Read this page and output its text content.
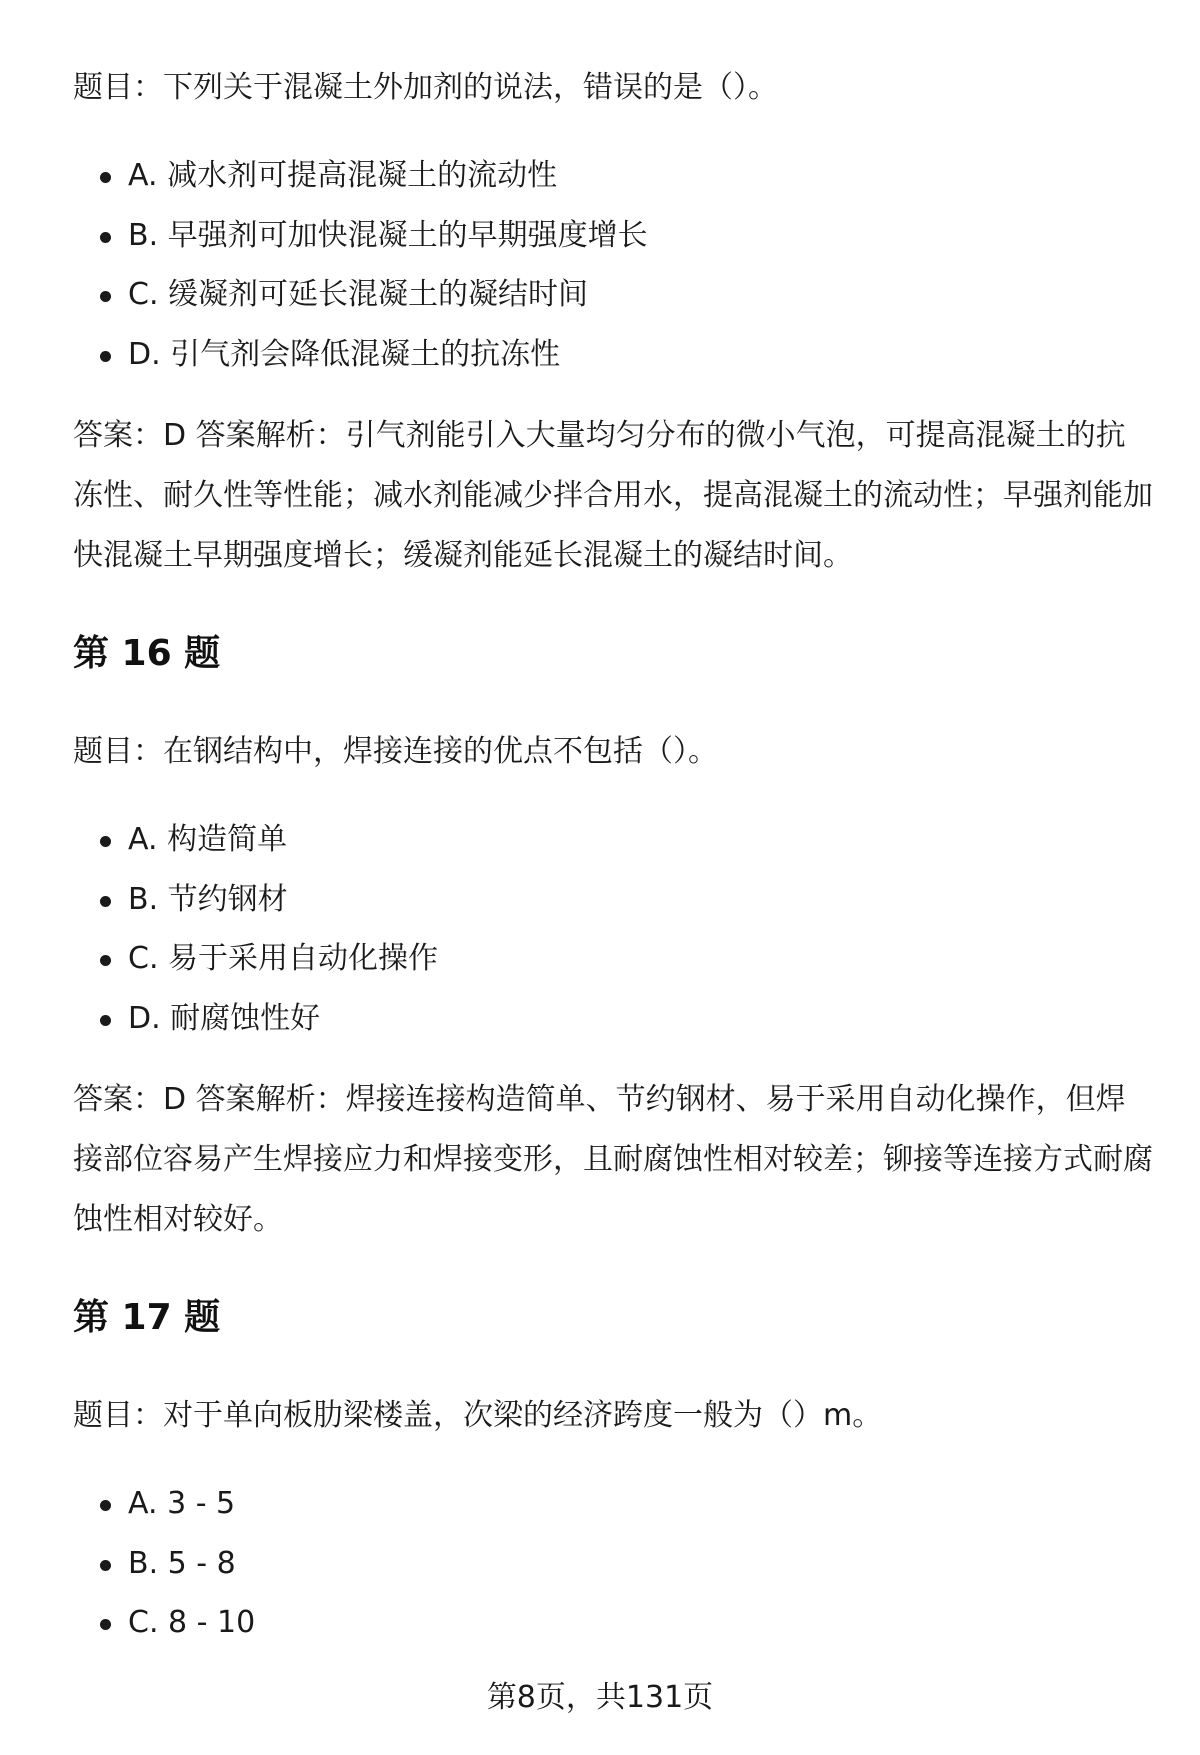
题目：下列关于混凝土外加剂的说法，错误的是（）。

A. 减水剂可提高混凝土的流动性
B. 早强剂可加快混凝土的早期强度增长
C. 缓凝剂可延长混凝土的凝结时间
D. 引气剂会降低混凝土的抗冻性

答案：D 答案解析：引气剂能引入大量均匀分布的微小气泡，可提高混凝土的抗冻性、耐久性等性能；减水剂能减少拌合用水，提高混凝土的流动性；早强剂能加快混凝土早期强度增长；缓凝剂能延长混凝土的凝结时间。

第 16 题

题目：在钢结构中，焊接连接的优点不包括（）。

A. 构造简单
B. 节约钢材
C. 易于采用自动化操作
D. 耐腐蚀性好

答案：D 答案解析：焊接连接构造简单、节约钢材、易于采用自动化操作，但焊接部位容易产生焊接应力和焊接变形，且耐腐蚀性相对较差；铆接等连接方式耐腐蚀性相对较好。

第 17 题

题目：对于单向板肋梁楼盖，次梁的经济跨度一般为（）m。

A. 3 - 5
B. 5 - 8
C. 8 - 10
第8页，共131页
